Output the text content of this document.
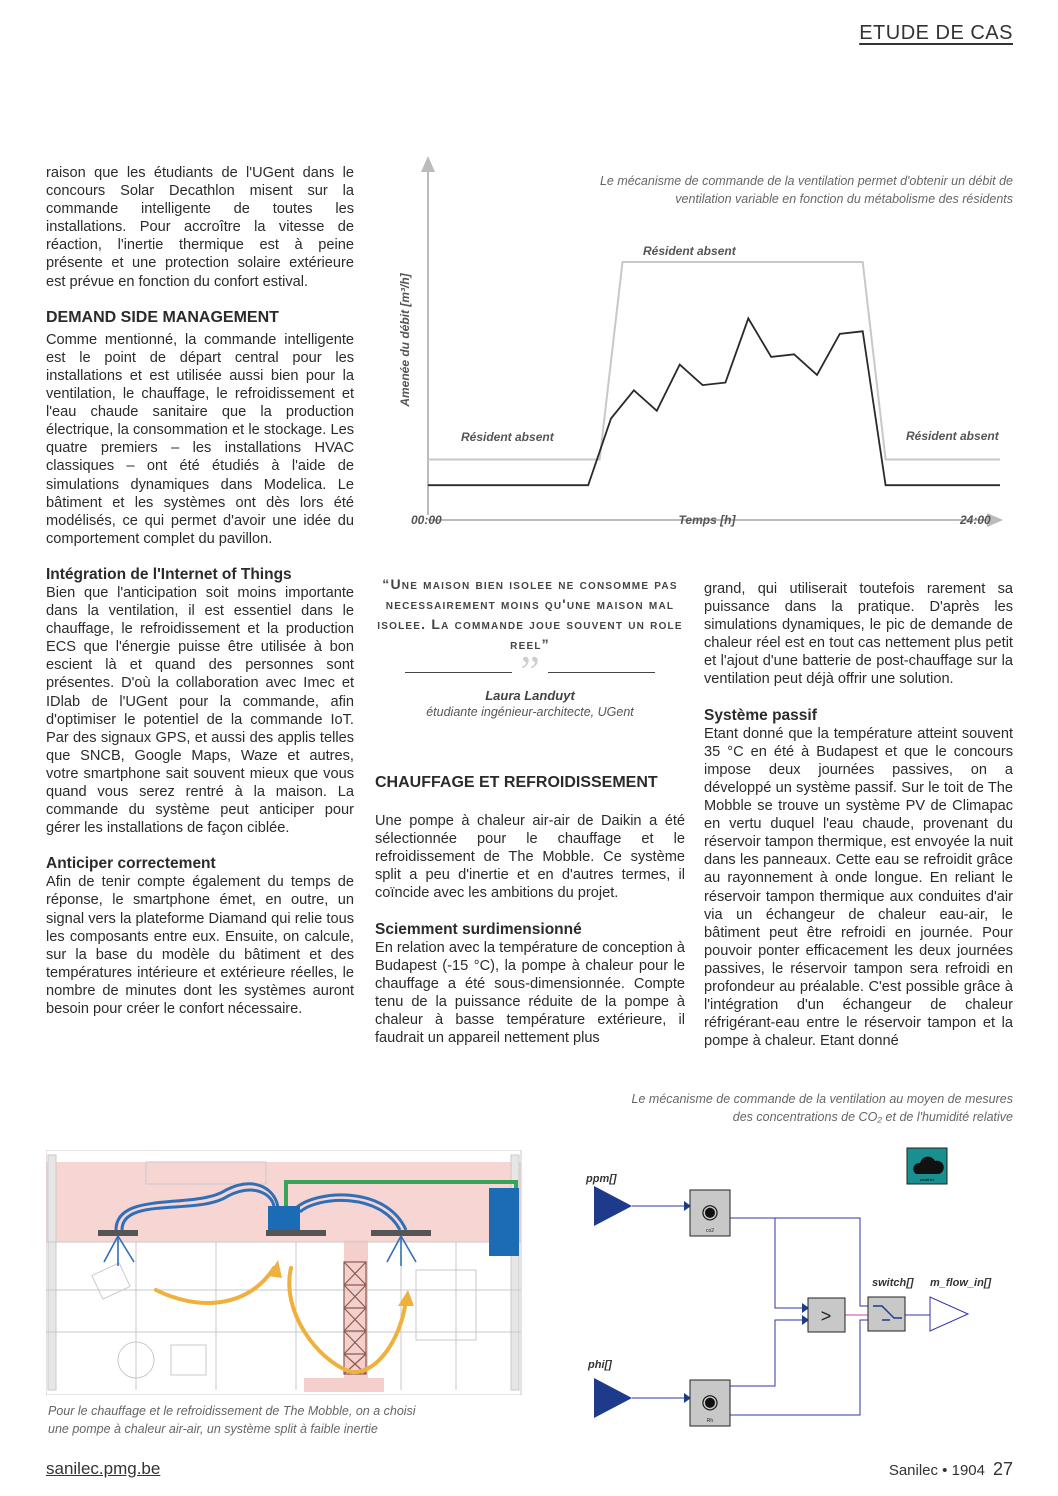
ETUDE DE CAS

raison que les étudiants de l'UGent dans le concours Solar Decathlon misent sur la commande intelligente de toutes les installations. Pour accroître la vitesse de réaction, l'inertie thermique est à peine présente et une protection solaire extérieure est prévue en fonction du confort estival.

DEMAND SIDE MANAGEMENT

Comme mentionné, la commande intelligente est le point de départ central pour les installations et est utilisée aussi bien pour la ventilation, le chauffage, le refroidissement et l'eau chaude sanitaire que la production électrique, la consommation et le stockage. Les quatre premiers – les installations HVAC classiques – ont été étudiés à l'aide de simulations dynamiques dans Modelica. Le bâtiment et les systèmes ont dès lors été modélisés, ce qui permet d'avoir une idée du comportement complet du pavillon.

Intégration de l'Internet of Things

Bien que l'anticipation soit moins importante dans la ventilation, il est essentiel dans le chauffage, le refroidissement et la production ECS que l'énergie puisse être utilisée à bon escient là et quand des personnes sont présentes. D'où la collaboration avec Imec et IDlab de l'UGent pour la commande, afin d'optimiser le potentiel de la commande IoT. Par des signaux GPS, et aussi des applis telles que SNCB, Google Maps, Waze et autres, votre smartphone sait souvent mieux que vous quand vous serez rentré à la maison. La commande du système peut anticiper pour gérer les installations de façon ciblée.

Anticiper correctement

Afin de tenir compte également du temps de réponse, le smartphone émet, en outre, un signal vers la plateforme Diamand qui relie tous les composants entre eux. Ensuite, on calcule, sur la base du modèle du bâtiment et des températures intérieure et extérieure réelles, le nombre de minutes dont les systèmes auront besoin pour créer le confort nécessaire.

Le mécanisme de commande de la ventilation permet d'obtenir un débit de ventilation variable en fonction du métabolisme des résidents
Amenée du débit [m³/h]
00:00	Temps [h]	24:00
Résident absent
Résident absent	Résident absent
“Une maison bien isolee ne consomme pas necessairement moins qu'une maison mal isolee. La commande joue souvent un role reel”
”
Laura Landuyt
étudiante ingénieur-architecte, UGent
CHAUFFAGE ET REFROIDISSEMENT

Une pompe à chaleur air-air de Daikin a été sélectionnée pour le chauffage et le refroidissement de The Mobble. Ce système split a peu d'inertie et en d'autres termes, il coïncide avec les ambitions du projet.

Sciemment surdimensionné

En relation avec la température de conception à Budapest (-15 °C), la pompe à chaleur pour le chauffage a été sous-dimensionnée. Compte tenu de la puissance réduite de la pompe à chaleur à basse température extérieure, il faudrait un appareil nettement plus

grand, qui utiliserait toutefois rarement sa puissance dans la pratique. D'après les simulations dynamiques, le pic de demande de chaleur réel est en tout cas nettement plus petit et l'ajout d'une batterie de post-chauffage sur la ventilation peut déjà offrir une solution.

Système passif

Etant donné que la température atteint souvent 35 °C en été à Budapest et que le concours impose deux journées passives, on a développé un système passif. Sur le toit de The Mobble se trouve un système PV de Climapac en vertu duquel l'eau chaude, provenant du réservoir tampon thermique, est envoyée la nuit dans les panneaux. Cette eau se refroidit grâce au rayonnement à onde longue. En reliant le réservoir tampon thermique aux conduites d'air via un échangeur de chaleur eau-air, le bâtiment peut être refroidi en journée. Pour pouvoir ponter efficacement les deux journées passives, le réservoir tampon sera refroidi en profondeur au préalable. C'est possible grâce à l'intégration d'un échangeur de chaleur réfrigérant-eau entre le réservoir tampon et la pompe à chaleur. Etant donné

Le mécanisme de commande de la ventilation au moyen de mesures
des concentrations de CO₂ et de l'humidité relative
Pour le chauffage et le refroidissement de The Mobble, on a choisi une pompe à chaleur air-air, un système split à faible inertie
weather
ppm[]
phi[]
◉
co2
◉
Rh
>
switch[] m_flow_in[]
sanilec.pmg.be	Sanilec • 1904 27
